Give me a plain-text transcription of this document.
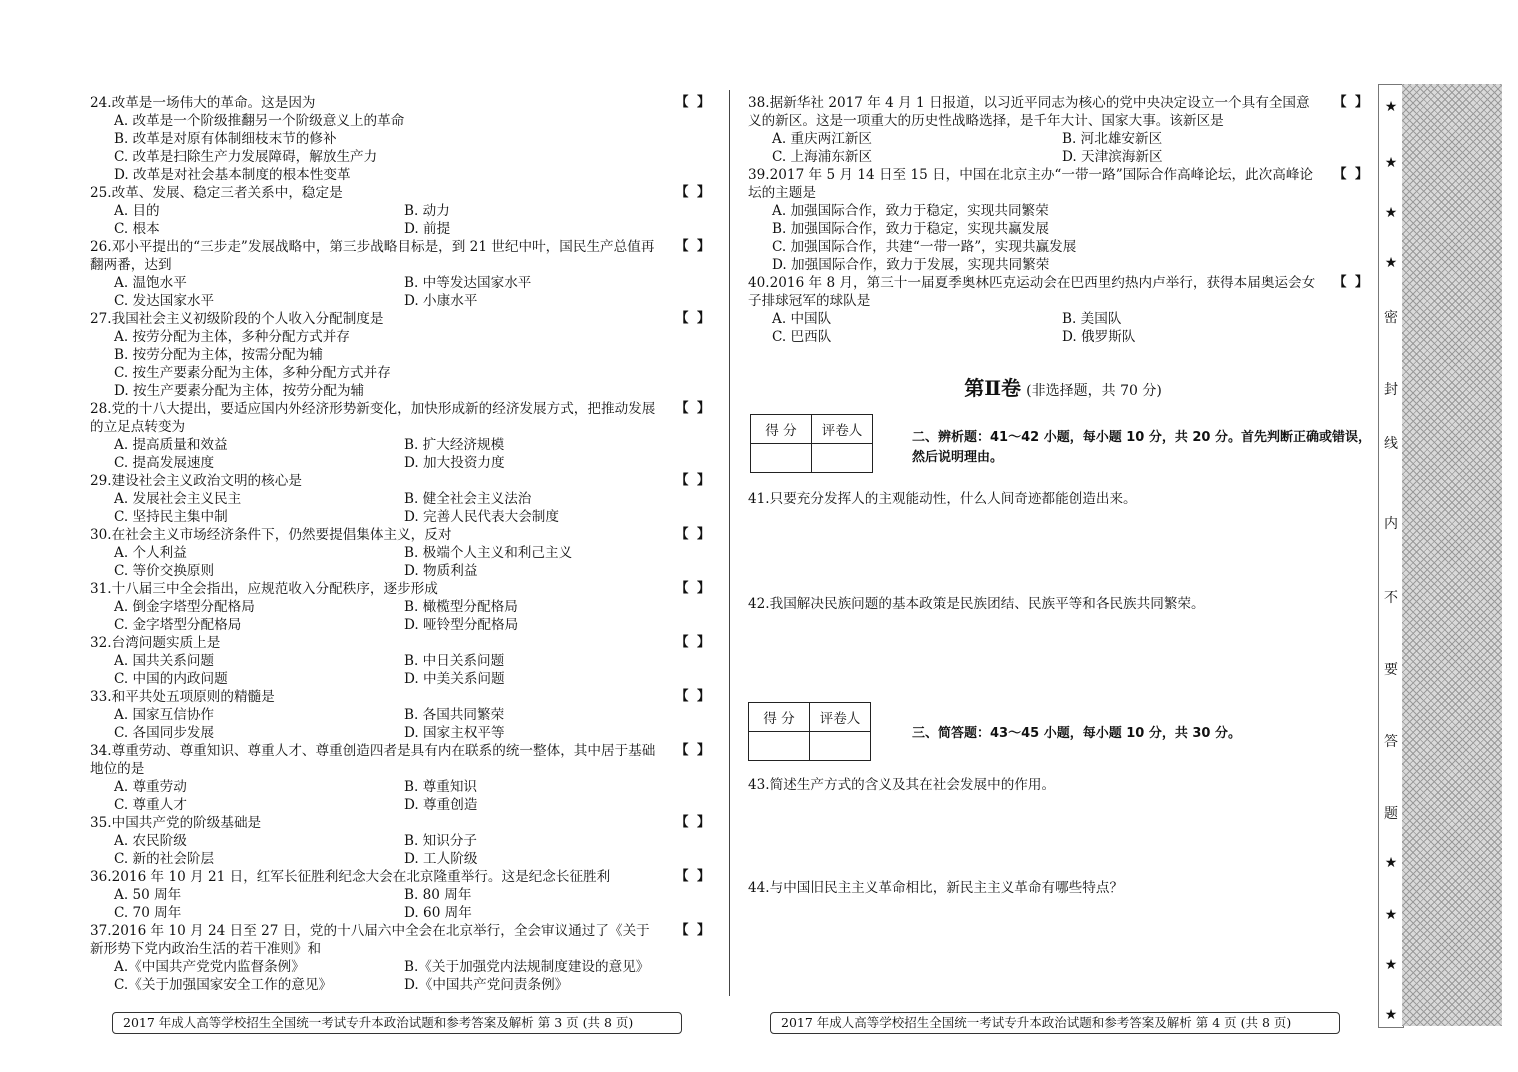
24.改革是一场伟大的革命。这是因为	【 】
A. 改革是一个阶级推翻另一个阶级意义上的革命
B. 改革是对原有体制细枝末节的修补
C. 改革是扫除生产力发展障碍，解放生产力
D. 改革是对社会基本制度的根本性变革
25.改革、发展、稳定三者关系中，稳定是	【 】
A. 目的	B. 动力
C. 根本	D. 前提
26.邓小平提出的“三步走”发展战略中，第三步战略目标是，到 21 世纪中叶，国民生产总值再翻两番，达到
【 】
A. 温饱水平	B. 中等发达国家水平
C. 发达国家水平	D. 小康水平
27.我国社会主义初级阶段的个人收入分配制度是	【 】
A. 按劳分配为主体，多种分配方式并存
B. 按劳分配为主体，按需分配为辅
C. 按生产要素分配为主体，多种分配方式并存
D. 按生产要素分配为主体，按劳分配为辅
28.党的十八大提出，要适应国内外经济形势新变化，加快形成新的经济发展方式，把推动发展的立足点转变为
【 】
A. 提高质量和效益	B. 扩大经济规模
C. 提高发展速度	D. 加大投资力度
29.建设社会主义政治文明的核心是	【 】
A. 发展社会主义民主	B. 健全社会主义法治
C. 坚持民主集中制	D. 完善人民代表大会制度
30.在社会主义市场经济条件下，仍然要提倡集体主义，反对	【 】
A. 个人利益	B. 极端个人主义和利己主义
C. 等价交换原则	D. 物质利益
31.十八届三中全会指出，应规范收入分配秩序，逐步形成	【 】
A. 倒金字塔型分配格局	B. 橄榄型分配格局
C. 金字塔型分配格局	D. 哑铃型分配格局
32.台湾问题实质上是	【 】
A. 国共关系问题	B. 中日关系问题
C. 中国的内政问题	D. 中美关系问题
33.和平共处五项原则的精髓是	【 】
A. 国家互信协作	B. 各国共同繁荣
C. 各国同步发展	D. 国家主权平等
34.尊重劳动、尊重知识、尊重人才、尊重创造四者是具有内在联系的统一整体，其中居于基础地位的是
【 】
A. 尊重劳动	B. 尊重知识
C. 尊重人才	D. 尊重创造
35.中国共产党的阶级基础是	【 】
A. 农民阶级	B. 知识分子
C. 新的社会阶层	D. 工人阶级
36.2016 年 10 月 21 日，红军长征胜利纪念大会在北京隆重举行。这是纪念长征胜利	【 】
A. 50 周年	B. 80 周年
C. 70 周年	D. 60 周年
37.2016 年 10 月 24 日至 27 日，党的十八届六中全会在北京举行，全会审议通过了《关于新形势下党内政治生活的若干准则》和
【 】
A.《中国共产党党内监督条例》	B.《关于加强党内法规制度建设的意见》
C.《关于加强国家安全工作的意见》	D.《中国共产党问责条例》
38.据新华社 2017 年 4 月 1 日报道，以习近平同志为核心的党中央决定设立一个具有全国意义的新区。这是一项重大的历史性战略选择，是千年大计、国家大事。该新区是
【 】
A. 重庆两江新区	B. 河北雄安新区
C. 上海浦东新区	D. 天津滨海新区
39.2017 年 5 月 14 日至 15 日，中国在北京主办“一带一路”国际合作高峰论坛，此次高峰论坛的主题是
【 】
A. 加强国际合作，致力于稳定，实现共同繁荣
B. 加强国际合作，致力于稳定，实现共赢发展
C. 加强国际合作，共建“一带一路”，实现共赢发展
D. 加强国际合作，致力于发展，实现共同繁荣
40.2016 年 8 月，第三十一届夏季奥林匹克运动会在巴西里约热内卢举行，获得本届奥运会女子排球冠军的球队是
【 】
A. 中国队	B. 美国队
C. 巴西队	D. 俄罗斯队
第Ⅱ卷 (非选择题，共 70 分)
得 分	评卷人
		二、辨析题：41～42 小题，每小题 10 分，共 20 分。首先判断正确或错误，然后说明理由。
41.只要充分发挥人的主观能动性，什么人间奇迹都能创造出来。
42.我国解决民族问题的基本政策是民族团结、民族平等和各民族共同繁荣。
得 分	评卷人

三、简答题：43～45 小题，每小题 10 分，共 30 分。
43.简述生产方式的含义及其在社会发展中的作用。
44.与中国旧民主主义革命相比，新民主主义革命有哪些特点？
2017 年成人高等学校招生全国统一考试专升本政治试题和参考答案及解析 第 3 页 (共 8 页)	2017 年成人高等学校招生全国统一考试专升本政治试题和参考答案及解析 第 4 页 (共 8 页)
★
★
★
★
密
封
线
内
不
要
答
题
★
★
★
★
